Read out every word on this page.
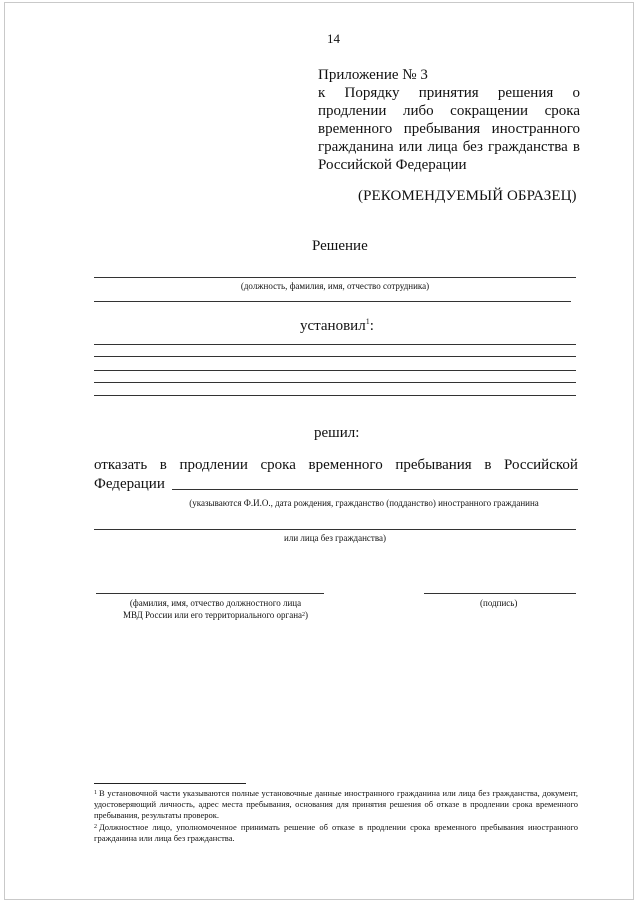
14
Приложение № 3
к Порядку принятия решения о продлении либо сокращении срока временного пребывания иностранного гражданина или лица без гражданства в Российской Федерации
(РЕКОМЕНДУЕМЫЙ ОБРАЗЕЦ)
Решение
(должность, фамилия, имя, отчество сотрудника)
установил$^1$:
решил:
отказать в продлении срока временного пребывания в Российской
Федерации
(указываются Ф.И.О., дата рождения, гражданство (подданство) иностранного гражданина
или лица без гражданства)
(фамилия, имя, отчество должностного лица
МВД России или его территориального органа$^2$)
(подпись)

$^1$ В установочной части указываются полные установочные данные иностранного гражданина или лица без гражданства, документ, удостоверяющий личность, адрес места пребывания, основания для принятия решения об отказе в продлении срока временного пребывания, результаты проверок.

$^2$ Должностное лицо, уполномоченное принимать решение об отказе в продлении срока временного пребывания иностранного гражданина или лица без гражданства.
